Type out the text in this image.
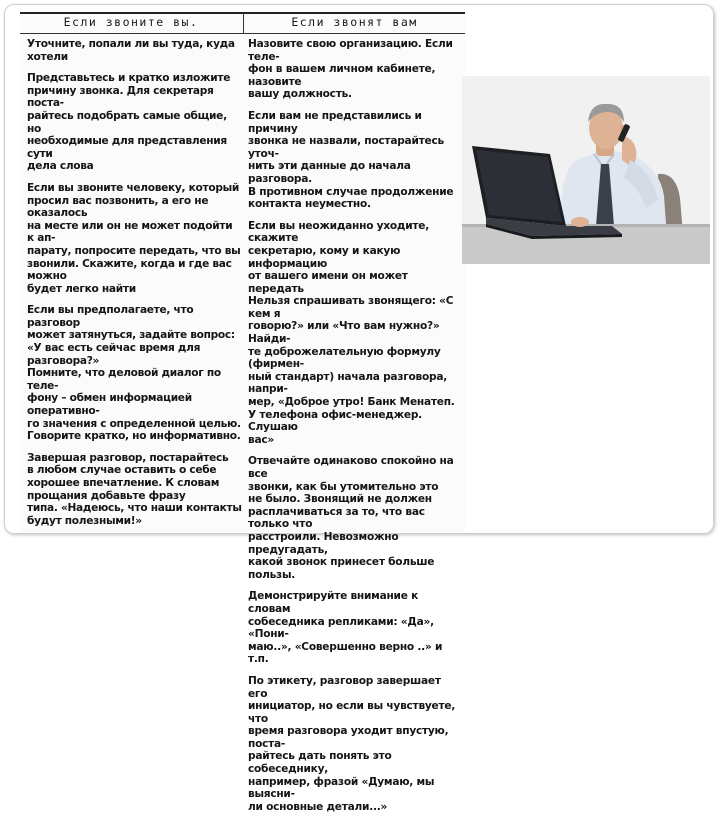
Если звоните вы.	Если звонят вам

Уточните, попали ли вы туда, куда
хотели

Представьтесь и кратко изложите
причину звонка. Для секретаря поста-
райтесь подобрать самые общие, но
необходимые для представления сути
дела слова

Если вы звоните человеку, который
просил вас позвонить, а его не оказалось
на месте или он не может подойти к ап-
парату, попросите передать, что вы
звонили. Скажите, когда и где вас можно
будет легко найти

Если вы предполагаете, что разговор
может затянуться, задайте вопрос:
«У вас есть сейчас время для разговора?»
Помните, что деловой диалог по теле-
фону – обмен информацией оперативно-
го значения с определенной целью.
Говорите кратко, но информативно.

Завершая разговор, постарайтесь
в любом случае оставить о себе
хорошее впечатление. К словам
прощания добавьте фразу
типа. «Надеюсь, что наши контакты
будут полезными!»

Назовите свою организацию. Если теле-
фон в вашем личном кабинете, назовите
вашу должность.

Если вам не представились и причину
звонка не назвали, постарайтесь уточ-
нить эти данные до начала разговора.
В противном случае продолжение
контакта неуместно.

Если вы неожиданно уходите, скажите
секретарю, кому и какую информацию
от вашего имени он может передать
Нельзя спрашивать звонящего: «С кем я
говорю?» или «Что вам нужно?» Найди-
те доброжелательную формулу (фирмен-
ный стандарт) начала разговора, напри-
мер, «Доброе утро! Банк Менатеп.
У телефона офис-менеджер. Слушаю
вас»

Отвечайте одинаково спокойно на все
звонки, как бы утомительно это
не было. Звонящий не должен
расплачиваться за то, что вас только что
расстроили. Невозможно предугадать,
какой звонок принесет больше пользы.

Демонстрируйте внимание к словам
собеседника репликами: «Да», «Пони-
маю..», «Совершенно верно ..» и т.п.

По этикету, разговор завершает его
инициатор, но если вы чувствуете, что
время разговора уходит впустую, поста-
райтесь дать понять это собеседнику,
например, фразой «Думаю, мы выясни-
ли основные детали...»
